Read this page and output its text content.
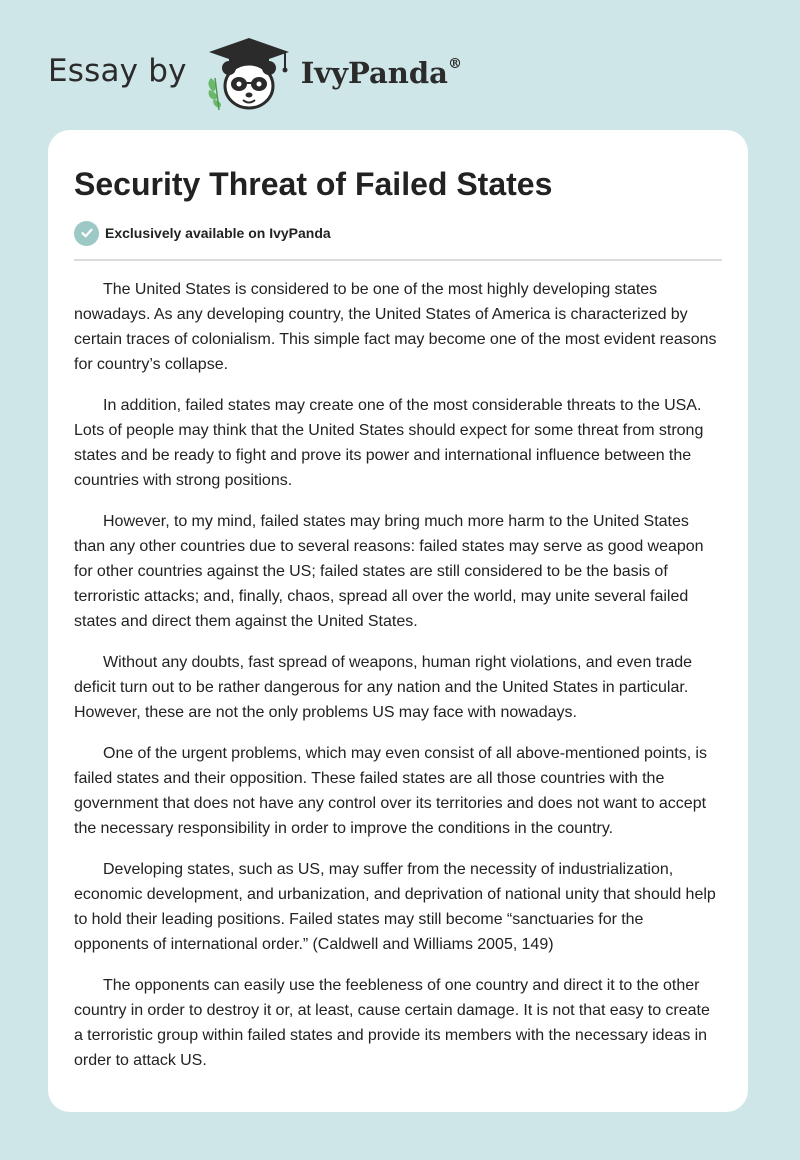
Essay by	IvyPanda®
Security Threat of Failed States
Exclusively available on IvyPanda

The United States is considered to be one of the most highly developing states nowadays. As any developing country, the United States of America is characterized by certain traces of colonialism. This simple fact may become one of the most evident reasons for country’s collapse.

In addition, failed states may create one of the most considerable threats to the USA. Lots of people may think that the United States should expect for some threat from strong states and be ready to fight and prove its power and international influence between the countries with strong positions.

However, to my mind, failed states may bring much more harm to the United States than any other countries due to several reasons: failed states may serve as good weapon for other countries against the US; failed states are still considered to be the basis of terroristic attacks; and, finally, chaos, spread all over the world, may unite several failed states and direct them against the United States.

Without any doubts, fast spread of weapons, human right violations, and even trade deficit turn out to be rather dangerous for any nation and the United States in particular. However, these are not the only problems US may face with nowadays.

One of the urgent problems, which may even consist of all above-mentioned points, is failed states and their opposition. These failed states are all those countries with the government that does not have any control over its territories and does not want to accept the necessary responsibility in order to improve the conditions in the country.

Developing states, such as US, may suffer from the necessity of industrialization, economic development, and urbanization, and deprivation of national unity that should help to hold their leading positions. Failed states may still become “sanctuaries for the opponents of international order.” (Caldwell and Williams 2005, 149)

The opponents can easily use the feebleness of one country and direct it to the other country in order to destroy it or, at least, cause certain damage. It is not that easy to create a terroristic group within failed states and provide its members with the necessary ideas in order to attack US.
